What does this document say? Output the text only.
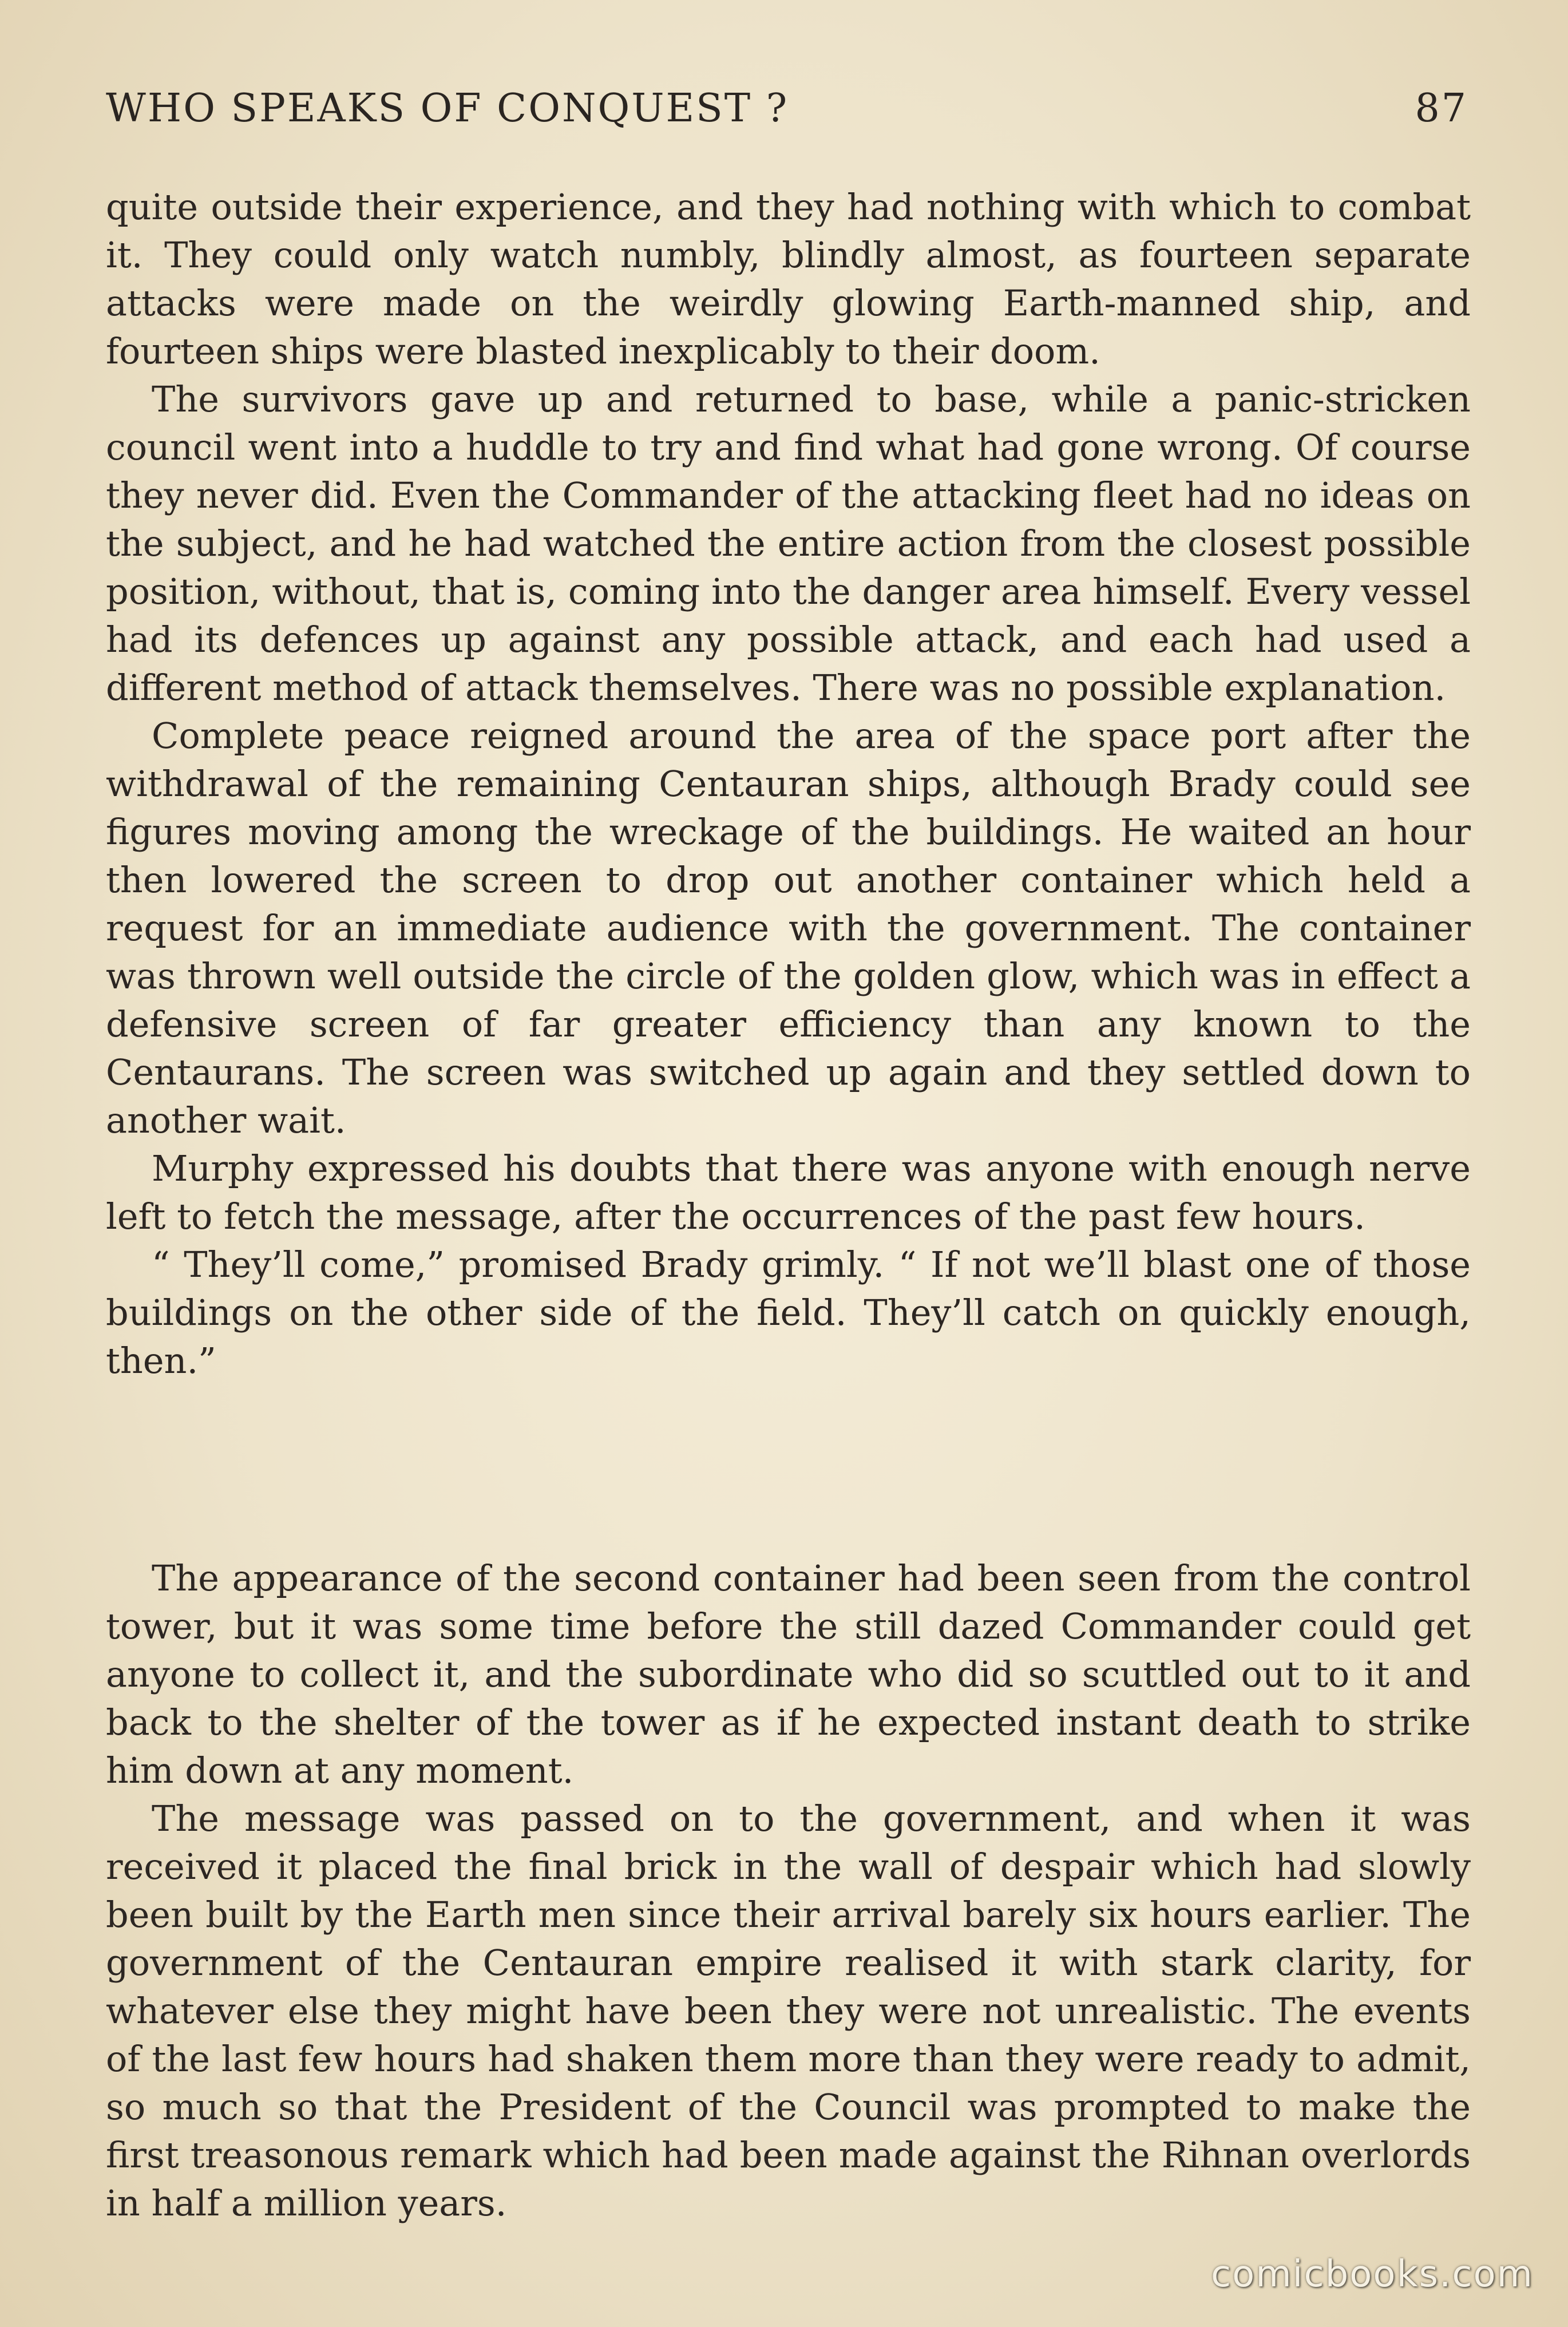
WHO SPEAKS OF CONQUEST ?	87

quite outside their experience, and they had nothing with which to combat it. They could only watch numbly, blindly almost, as fourteen separate attacks were made on the weirdly glowing Earth-manned ship, and fourteen ships were blasted inexplicably to their doom.

The survivors gave up and returned to base, while a panic-stricken council went into a huddle to try and find what had gone wrong. Of course they never did. Even the Commander of the attacking fleet had no ideas on the subject, and he had watched the entire action from the closest possible position, without, that is, coming into the danger area himself. Every vessel had its defences up against any possible attack, and each had used a different method of attack themselves. There was no possible explanation.

Complete peace reigned around the area of the space port after the withdrawal of the remaining Centauran ships, although Brady could see figures moving among the wreckage of the buildings. He waited an hour then lowered the screen to drop out another container which held a request for an immediate audience with the government. The container was thrown well outside the circle of the golden glow, which was in effect a defensive screen of far greater efficiency than any known to the Centaurans. The screen was switched up again and they settled down to another wait.

Murphy expressed his doubts that there was anyone with enough nerve left to fetch the message, after the occurrences of the past few hours.

“ They’ll come,” promised Brady grimly. “ If not we’ll blast one of those buildings on the other side of the field. They’ll catch on quickly enough, then.”

The appearance of the second container had been seen from the control tower, but it was some time before the still dazed Commander could get anyone to collect it, and the subordinate who did so scuttled out to it and back to the shelter of the tower as if he expected instant death to strike him down at any moment.

The message was passed on to the government, and when it was received it placed the final brick in the wall of despair which had slowly been built by the Earth men since their arrival barely six hours earlier. The government of the Centauran empire realised it with stark clarity, for whatever else they might have been they were not unrealistic. The events of the last few hours had shaken them more than they were ready to admit, so much so that the President of the Council was prompted to make the first treasonous remark which had been made against the Rihnan overlords in half a million years.

comicbooks.com
